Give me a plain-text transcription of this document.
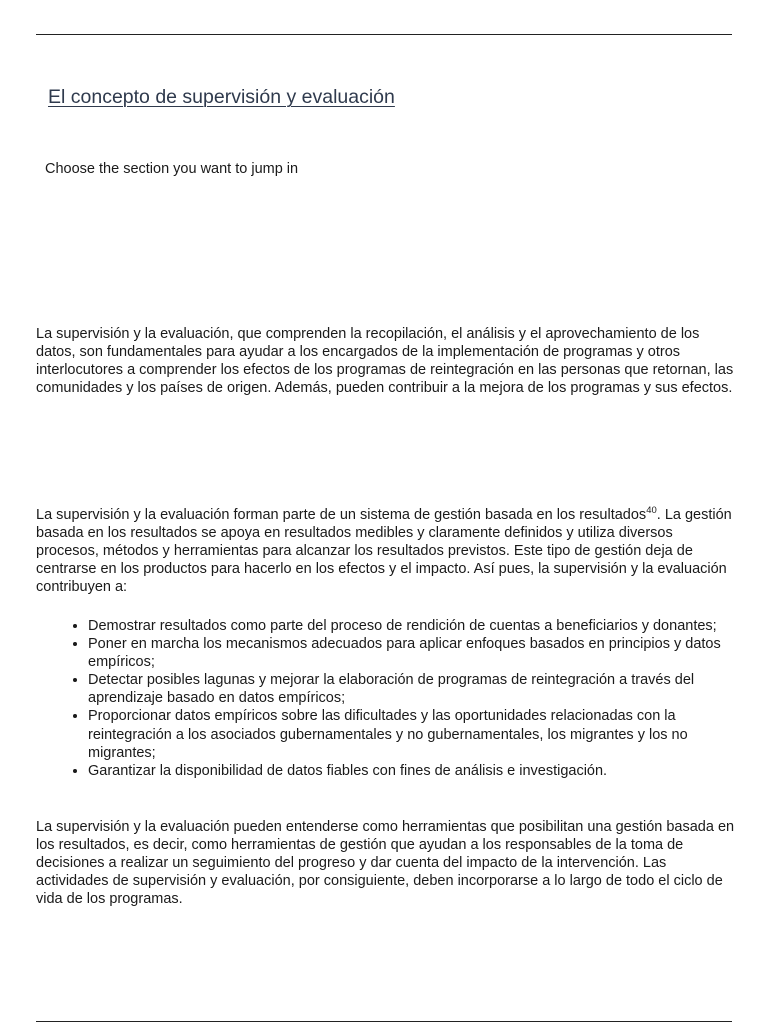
El concepto de supervisión y evaluación
Choose the section you want to jump in

La supervisión y la evaluación, que comprenden la recopilación, el análisis y el aprovechamiento de los datos, son fundamentales para ayudar a los encargados de la implementación de programas y otros interlocutores a comprender los efectos de los programas de reintegración en las personas que retornan, las comunidades y los países de origen. Además, pueden contribuir a la mejora de los programas y sus efectos.

La supervisión y la evaluación forman parte de un sistema de gestión basada en los resultados$^{40}$. La gestión basada en los resultados se apoya en resultados medibles y claramente definidos y utiliza diversos procesos, métodos y herramientas para alcanzar los resultados previstos. Este tipo de gestión deja de centrarse en los productos para hacerlo en los efectos y el impacto. Así pues, la supervisión y la evaluación contribuyen a:

• Demostrar resultados como parte del proceso de rendición de cuentas a beneficiarios y donantes;
• Poner en marcha los mecanismos adecuados para aplicar enfoques basados en principios y datos empíricos;
• Detectar posibles lagunas y mejorar la elaboración de programas de reintegración a través del aprendizaje basado en datos empíricos;
• Proporcionar datos empíricos sobre las dificultades y las oportunidades relacionadas con la reintegración a los asociados gubernamentales y no gubernamentales, los migrantes y los no migrantes;
• Garantizar la disponibilidad de datos fiables con fines de análisis e investigación.

La supervisión y la evaluación pueden entenderse como herramientas que posibilitan una gestión basada en los resultados, es decir, como herramientas de gestión que ayudan a los responsables de la toma de decisiones a realizar un seguimiento del progreso y dar cuenta del impacto de la intervención. Las actividades de supervisión y evaluación, por consiguiente, deben incorporarse a lo largo de todo el ciclo de vida de los programas.
